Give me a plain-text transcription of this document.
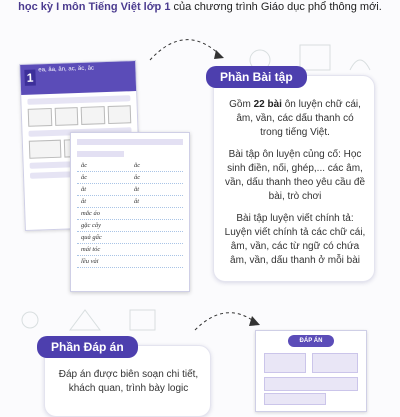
học kỳ I môn Tiếng Việt lớp 1 của chương trình Giáo dục phổ thông mới.
1
ea, ăa, ân, ac, ăc, âc
ăc	ăc
âc	âc
ăt	ăt
ât	ât
mắc áo
gặc cây
quả gấc
mái tóc
lều vải
Phần Bài tập

Gồm 22 bài ôn luyện chữ cái, âm, vần, các dấu thanh có trong tiếng Việt.

Bài tập ôn luyện củng cố: Học sinh điền, nối, ghép,... các âm, vần, dấu thanh theo yêu cầu đề bài, trò chơi

Bài tập luyện viết chính tả: Luyện viết chính tả các chữ cái, âm, vần, các từ ngữ có chứa âm, vần, dấu thanh ở mỗi bài

Phần Đáp án
Đáp án được biên soạn chi tiết, khách quan, trình bày logic
ĐÁP ÁN
